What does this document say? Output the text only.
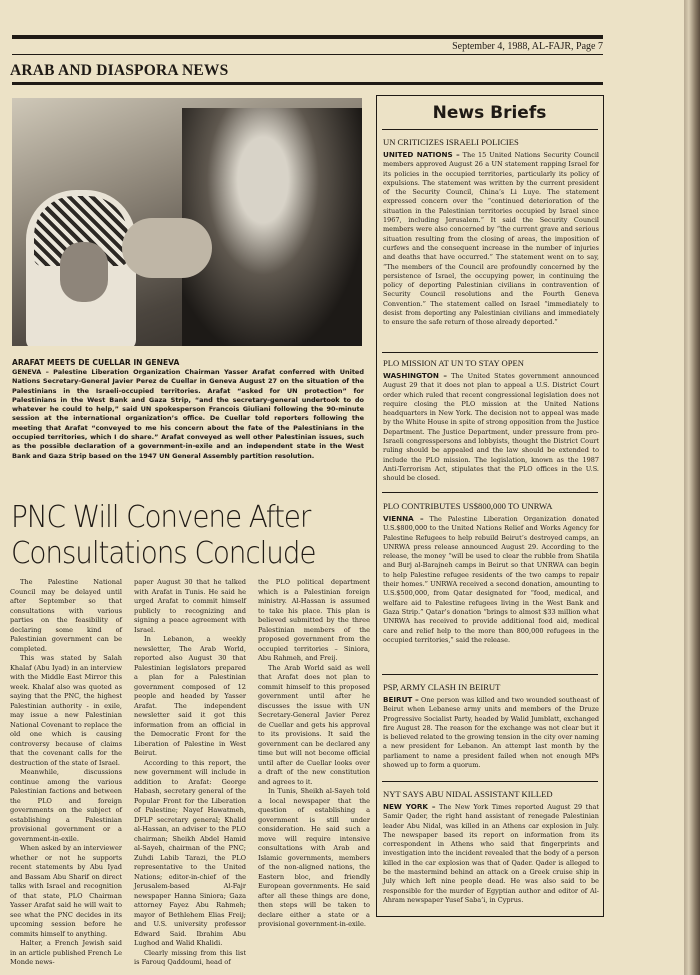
September 4, 1988, AL-FAJR, Page 7
ARAB AND DIASPORA NEWS
ARAFAT MEETS DE CUELLAR IN GENEVA
GENEVA – Palestine Liberation Organization Chairman Yasser Arafat conferred with United Nations Secretary-General Javier Perez de Cuellar in Geneva August 27 on the situation of the Palestinians in the Israeli-occupied territories. Arafat “asked for UN protection” for Palestinians in the West Bank and Gaza Strip, “and the secretary-general undertook to do whatever he could to help,” said UN spokesperson Francois Giuliani following the 90-minute session at the international organization’s office. De Cuellar told reporters following the meeting that Arafat “conveyed to me his concern about the fate of the Palestinians in the occupied territories, which I do share.” Arafat conveyed as well other Palestinian issues, such as the possible declaration of a government-in-exile and an independent state in the West Bank and Gaza Strip based on the 1947 UN General Assembly partition resolution.
PNC Will Convene After Consultations Conclude

The Palestine National Council may be delayed until after September so that consultations with various parties on the feasibility of declaring some kind of Palestinian government can be completed.

This was stated by Salah Khalaf (Abu Iyad) in an interview with the Middle East Mirror this week. Khalaf also was quoted as saying that the PNC, the highest Palestinian authority - in exile, may issue a new Palestinian National Covenant to replace the old one which is causing controversy because of claims that the covenant calls for the destruction of the state of Israel.

Meanwhile, discussions continue among the various Palestinian factions and between the PLO and foreign governments on the subject of establishing a Palestinian provisional government or a government-in-exile.

When asked by an interviewer whether or not he supports recent statements by Abu Iyad and Bassam Abu Sharif on direct talks with Israel and recognition of that state, PLO Chairman Yasser Arafat said he will wait to see what the PNC decides in its upcoming session before he commits himself to anything.

Halter, a French Jewish said in an article published French Le Monde news-

paper August 30 that he talked with Arafat in Tunis. He said he urged Arafat to commit himself publicly to recognizing and signing a peace agreement with Israel.

In Lebanon, a weekly newsletter, The Arab World, reported also August 30 that Palestinian legislators prepared a plan for a Palestinian government composed of 12 people and headed by Yasser Arafat. The independent newsletter said it got this information from an official in the Democratic Front for the Liberation of Palestine in West Beirut.

According to this report, the new government will include in addition to Arafat: George Habash, secretary general of the Popular Front for the Liberation of Palestine; Nayef Hawatmeh, DFLP secretary general; Khalid al-Hassan, an adviser to the PLO chairman; Sheikh Abdel Hamid al-Sayeh, chairman of the PNC; Zuhdi Labib Tarazi, the PLO representative to the United Nations; editor-in-chief of the Jerusalem-based Al-Fajr newspaper Hanna Siniora; Gaza attorney Fayez Abu Rahmeh; mayor of Bethlehem Elias Freij; and U.S. university professor Edward Said. Ibrahim Abu Lughod and Walid Khalidi.

Clearly missing from this list is Farouq Qaddoumi, head of

the PLO political department which is a Palestinian foreign ministry. Al-Hassan is assumed to take his place. This plan is believed submitted by the three Palestinian members of the proposed government from the occupied territories – Siniora, Abu Rahmeh, and Freij.

The Arab World said as well that Arafat does not plan to commit himself to this proposed government until after he discusses the issue with UN Secretary-General Javier Perez de Cuellar and gets his approval to its provisions. It said the government can be declared any time but will not become official until after de Cuellar looks over a draft of the new constitution and agrees to it.

In Tunis, Sheikh al-Sayeh told a local newspaper that the question of establishing a government is still under consideration. He said such a move will require intensive consultations with Arab and Islamic governments, members of the non-aligned nations, the Eastern bloc, and friendly European governments. He said after all these things are done, then steps will be taken to declare either a state or a provisional government-in-exile.

News Briefs
UN CRITICIZES ISRAELI POLICIES
UNITED NATIONS – The 15 United Nations Security Council members approved August 26 a UN statement rapping Israel for its policies in the occupied territories, particularly its policy of expulsions. The statement was written by the current president of the Security Council, China’s Li Luye. The statement expressed concern over the “continued deterioration of the situation in the Palestinian territories occupied by Israel since 1967, including Jerusalem.” It said the Security Council members were also concerned by “the current grave and serious situation resulting from the closing of areas, the imposition of curfews and the consequent increase in the number of injuries and deaths that have occurred.” The statement went on to say, “The members of the Council are profoundly concerned by the persistence of Israel, the occupying power, in continuing the policy of deporting Palestinian civilians in contravention of Security Council resolutions and the Fourth Geneva Convention.” The statement called on Israel “immediately to desist from deporting any Palestinian civilians and immediately to ensure the safe return of those already deported.”
PLO MISSION AT UN TO STAY OPEN
WASHINGTON – The United States government announced August 29 that it does not plan to appeal a U.S. District Court order which ruled that recent congressional legislation does not require closing the PLO mission at the United Nations headquarters in New York. The decision not to appeal was made by the White House in spite of strong opposition from the Justice Department. The Justice Department, under pressure from pro-Israeli congresspersons and lobbyists, thought the District Court ruling should be appealed and the law should be extended to include the PLO mission. The legislation, known as the 1987 Anti-Terrorism Act, stipulates that the PLO offices in the U.S. should be closed.
PLO CONTRIBUTES US$800,000 TO UNRWA
VIENNA – The Palestine Liberation Organization donated U.S.$800,000 to the United Nations Relief and Works Agency for Palestine Refugees to help rebuild Beirut’s destroyed camps, an UNRWA press release announced August 29. According to the release, the money “will be used to clear the rubble from Shatila and Burj al-Barajneh camps in Beirut so that UNRWA can begin to help Palestine refugee residents of the two camps to repair their homes.” UNRWA received a second donation, amounting to U.S.$500,000, from Qatar designated for “food, medical, and welfare aid to Palestine refugees living in the West Bank and Gaza Strip.” Qatar’s donation “brings to almost $33 million what UNRWA has received to provide additional food aid, medical care and relief help to the more than 800,000 refugees in the occupied territories,” said the release.
PSP, ARMY CLASH IN BEIRUT
BEIRUT – One person was killed and two wounded southeast of Beirut when Lebanese army units and members of the Druze Progressive Socialist Party, headed by Walid Jumblatt, exchanged fire August 28. The reason for the exchange was not clear but it is believed related to the growing tension in the city over naming a new president for Lebanon. An attempt last month by the parliament to name a president failed when not enough MPs showed up to form a quorum.
NYT SAYS ABU NIDAL ASSISTANT KILLED
NEW YORK – The New York Times reported August 29 that Samir Qader, the right hand assistant of renegade Palestinian leader Abu Nidal, was killed in an Athens car explosion in July. The newspaper based its report on information from its correspondent in Athens who said that fingerprints and investigation into the incident revealed that the body of a person killed in the car explosion was that of Qader. Qader is alleged to be the mastermind behind an attack on a Greek cruise ship in July which left nine people dead. He was also said to be responsible for the murder of Egyptian author and editor of Al-Ahram newspaper Yusef Saba’i, in Cyprus.
